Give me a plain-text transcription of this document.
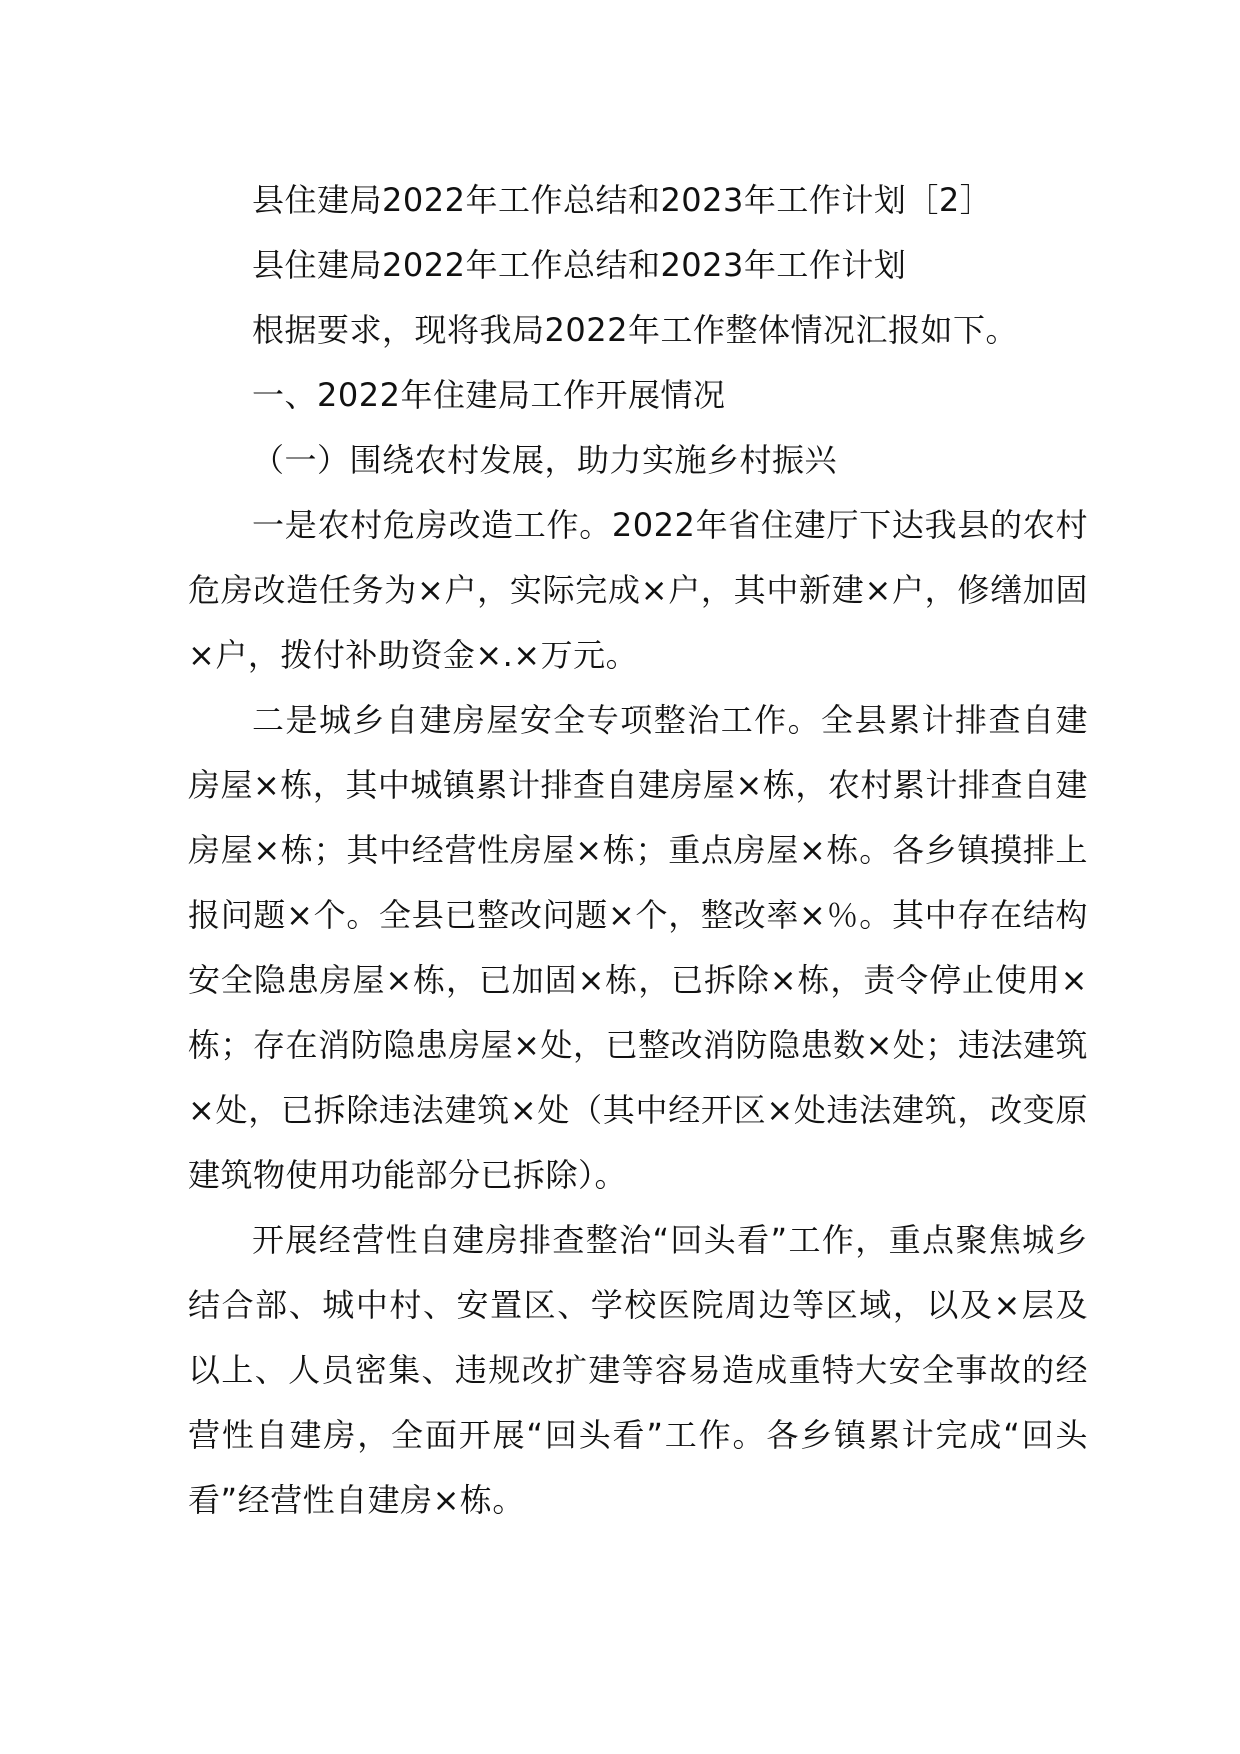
县住建局2022年工作总结和2023年工作计划［2］

县住建局2022年工作总结和2023年工作计划

根据要求，现将我局2022年工作整体情况汇报如下。

一、2022年住建局工作开展情况

（一）围绕农村发展，助力实施乡村振兴

一是农村危房改造工作。2022年省住建厅下达我县的农村危房改造任务为×户，实际完成×户，其中新建×户，修缮加固×户，拨付补助资金×.×万元。

二是城乡自建房屋安全专项整治工作。全县累计排查自建房屋×栋，其中城镇累计排查自建房屋×栋，农村累计排查自建房屋×栋；其中经营性房屋×栋；重点房屋×栋。各乡镇摸排上报问题×个。全县已整改问题×个，整改率×％。其中存在结构安全隐患房屋×栋，已加固×栋，已拆除×栋，责令停止使用×栋；存在消防隐患房屋×处，已整改消防隐患数×处；违法建筑×处，已拆除违法建筑×处（其中经开区×处违法建筑，改变原建筑物使用功能部分已拆除）。

开展经营性自建房排查整治“回头看”工作，重点聚焦城乡结合部、城中村、安置区、学校医院周边等区域，以及×层及以上、人员密集、违规改扩建等容易造成重特大安全事故的经营性自建房，全面开展“回头看”工作。各乡镇累计完成“回头看”经营性自建房×栋。
